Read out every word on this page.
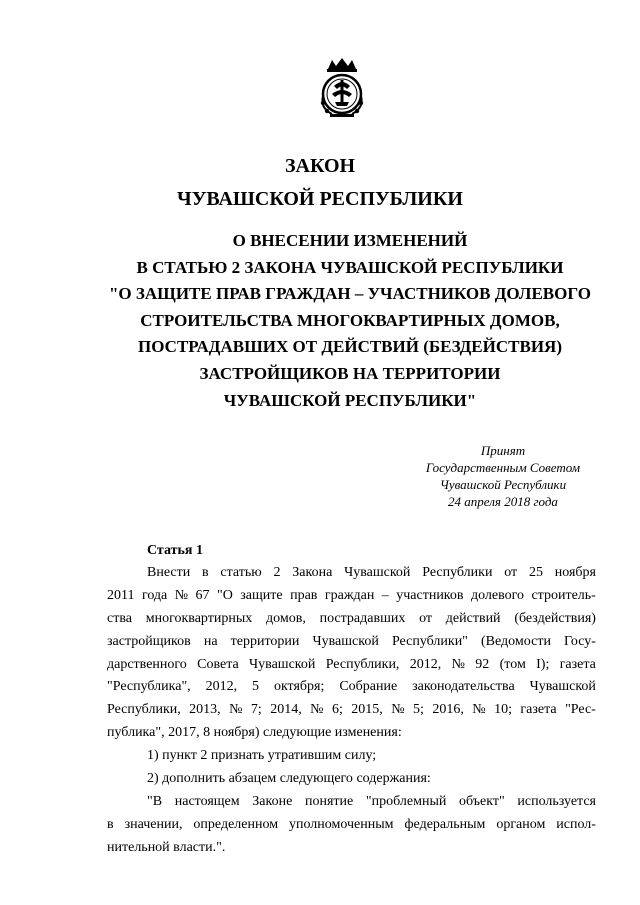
ЗАКОН
ЧУВАШСКОЙ РЕСПУБЛИКИ
О ВНЕСЕНИИ ИЗМЕНЕНИЙ
В СТАТЬЮ 2 ЗАКОНА ЧУВАШСКОЙ РЕСПУБЛИКИ
"О ЗАЩИТЕ ПРАВ ГРАЖДАН – УЧАСТНИКОВ ДОЛЕВОГО
СТРОИТЕЛЬСТВА МНОГОКВАРТИРНЫХ ДОМОВ,
ПОСТРАДАВШИХ ОТ ДЕЙСТВИЙ (БЕЗДЕЙСТВИЯ)
ЗАСТРОЙЩИКОВ НА ТЕРРИТОРИИ
ЧУВАШСКОЙ РЕСПУБЛИКИ"
Принят
Государственным Советом
Чувашской Республики
24 апреля 2018 года
Статья 1
Внести в статью 2 Закона Чувашской Республики от 25 ноября
2011 года № 67 "О защите прав граждан – участников долевого строитель-
ства многоквартирных домов, пострадавших от действий (бездействия)
застройщиков на территории Чувашской Республики" (Ведомости Госу-
дарственного Совета Чувашской Республики, 2012, № 92 (том I); газета
"Республика", 2012, 5 октября; Собрание законодательства Чувашской
Республики, 2013, № 7; 2014, № 6; 2015, № 5; 2016, № 10; газета "Рес-
публика", 2017, 8 ноября) следующие изменения:
1) пункт 2 признать утратившим силу;
2) дополнить абзацем следующего содержания:
"В настоящем Законе понятие "проблемный объект" используется
в значении, определенном уполномоченным федеральным органом испол-
нительной власти.".
